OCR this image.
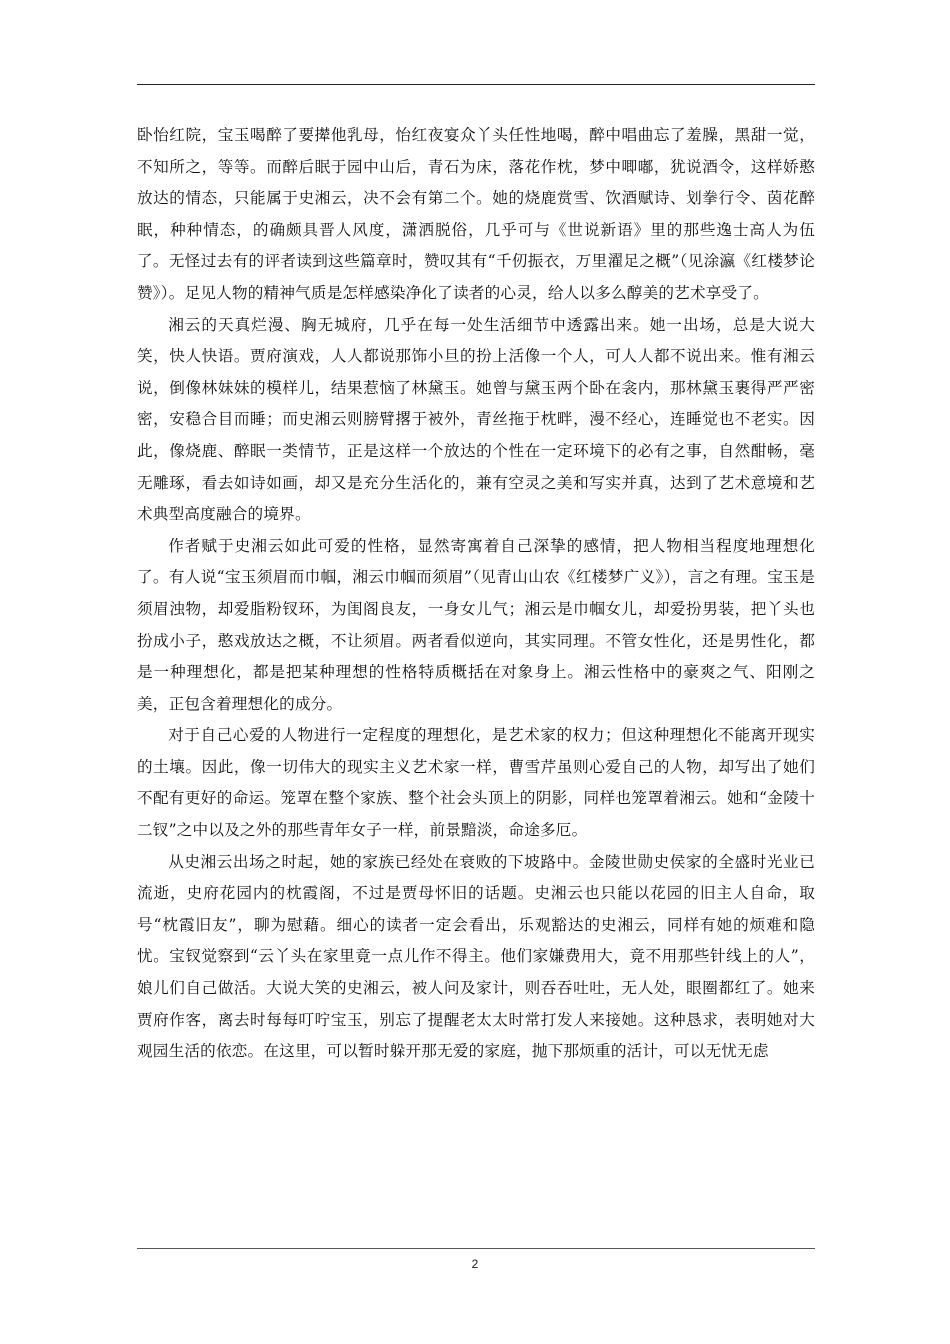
卧怡红院，宝玉喝醉了要撵他乳母，怡红夜宴众丫头任性地喝，醉中唱曲忘了羞臊，黑甜一觉，不知所之，等等。而醉后眠于园中山后，青石为床，落花作枕，梦中唧嘟，犹说酒令，这样娇憨放达的情态，只能属于史湘云，决不会有第二个。她的烧鹿赏雪、饮酒赋诗、划拳行令、茵花醉眠，种种情态，的确颇具晋人风度，潇洒脱俗，几乎可与《世说新语》里的那些逸士高人为伍了。无怪过去有的评者读到这些篇章时，赞叹其有“千仞振衣，万里濯足之概”（见涂瀛《红楼梦论赞》）。足见人物的精神气质是怎样感染净化了读者的心灵，给人以多么醇美的艺术享受了。

湘云的天真烂漫、胸无城府，几乎在每一处生活细节中透露出来。她一出场，总是大说大笑，快人快语。贾府演戏，人人都说那饰小旦的扮上活像一个人，可人人都不说出来。惟有湘云说，倒像林妹妹的模样儿，结果惹恼了林黛玉。她曾与黛玉两个卧在衾内，那林黛玉裹得严严密密，安稳合目而睡；而史湘云则膀臂撂于被外，青丝拖于枕畔，漫不经心，连睡觉也不老实。因此，像烧鹿、醉眠一类情节，正是这样一个放达的个性在一定环境下的必有之事，自然酣畅，毫无雕琢，看去如诗如画，却又是充分生活化的，兼有空灵之美和写实并真，达到了艺术意境和艺术典型高度融合的境界。

作者赋于史湘云如此可爱的性格，显然寄寓着自己深挚的感情，把人物相当程度地理想化了。有人说“宝玉须眉而巾帼，湘云巾帼而须眉”（见青山山农《红楼梦广义》），言之有理。宝玉是须眉浊物，却爱脂粉钗环，为闺阁良友，一身女儿气；湘云是巾帼女儿，却爱扮男装，把丫头也扮成小子，憨戏放达之概，不让须眉。两者看似逆向，其实同理。不管女性化，还是男性化，都是一种理想化，都是把某种理想的性格特质概括在对象身上。湘云性格中的豪爽之气、阳刚之美，正包含着理想化的成分。

对于自己心爱的人物进行一定程度的理想化，是艺术家的权力；但这种理想化不能离开现实的土壤。因此，像一切伟大的现实主义艺术家一样，曹雪芹虽则心爱自己的人物，却写出了她们不配有更好的命运。笼罩在整个家族、整个社会头顶上的阴影，同样也笼罩着湘云。她和“金陵十二钗”之中以及之外的那些青年女子一样，前景黯淡，命途多厄。

从史湘云出场之时起，她的家族已经处在衰败的下坡路中。金陵世勋史侯家的全盛时光业已流逝，史府花园内的枕霞阁，不过是贾母怀旧的话题。史湘云也只能以花园的旧主人自命，取号“枕霞旧友”，聊为慰藉。细心的读者一定会看出，乐观豁达的史湘云，同样有她的烦难和隐忧。宝钗觉察到“云丫头在家里竟一点儿作不得主。他们家嫌费用大，竟不用那些针线上的人”，娘儿们自己做活。大说大笑的史湘云，被人问及家计，则吞吞吐吐，无人处，眼圈都红了。她来贾府作客，离去时每每叮咛宝玉，别忘了提醒老太太时常打发人来接她。这种恳求，表明她对大观园生活的依恋。在这里，可以暂时躲开那无爱的家庭，抛下那烦重的活计，可以无忧无虑

2
